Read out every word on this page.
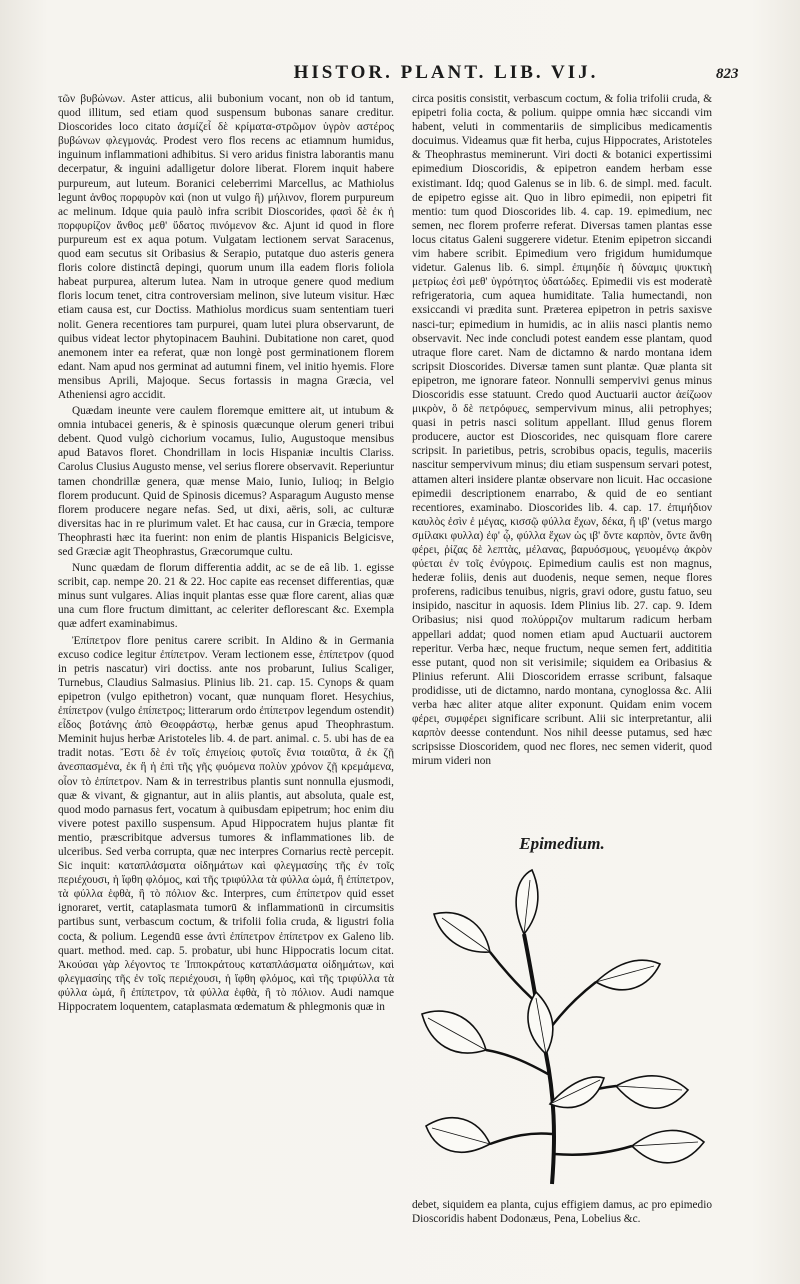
HISTOR. PLANT. LIB. VIJ.	823

τῶν βυβώνων. Aster atticus, alii bubonium vocant, non ob id tantum, quod illitum, sed etiam quod suspensum bubonas sanare creditur. Dioscorides loco citato ἀσμίζεἷ δὲ κρίματα-στρῶμον ὑγρὸν αστέρος βυβώνων φλεγμονάς. Prodest vero flos recens ac etiamnum humidus, inguinum inflammationi adhibitus. Si vero aridus finistra laborantis manu decerpatur, & inguini adalligetur dolore liberat. Florem inquit habere purpureum, aut luteum. Boranici celeberrimi Marcellus, ac Mathiolus legunt ἀνθος πορφυρὸν καὶ (non ut vulgo ἢ) μήλινον, florem purpureum ac melinum. Idque quia paulò infra scribit Dioscorides, φασὶ δὲ ἐκ ἡ πορφυρίζον ἄνθος μεθ' ὕδατος πινόμενον &c. Ajunt id quod in flore purpureum est ex aqua potum. Vulgatam lectionem servat Saracenus, quod eam secutus sit Oribasius & Serapio, putatque duo asteris genera floris colore distinctâ depingi, quorum unum illa eadem floris foliola habeat purpurea, alterum lutea. Nam in utroque genere quod medium floris locum tenet, citra controversiam melinon, sive luteum visitur. Hæc etiam causa est, cur Doctiss. Mathiolus mordicus suam sententiam tueri nolit. Genera recentiores tam purpurei, quam lutei plura observarunt, de quibus videat lector phytopinacem Bauhini. Dubitatione non caret, quod anemonem inter ea referat, quæ non longè post germinationem florem edant. Nam apud nos germinat ad autumni finem, vel initio hyemis. Flore mensibus Aprili, Majoque. Secus fortassis in magna Græcia, vel Atheniensi agro accidit.

Quædam ineunte vere caulem floremque emittere ait, ut intubum & omnia intubacei generis, & è spinosis quæcunque olerum generi tribui debent. Quod vulgò cichorium vocamus, Iulio, Augustoque mensibus apud Batavos floret. Chondrillam in locis Hispaniæ incultis Clariss. Carolus Clusius Augusto mense, vel serius florere observavit. Reperiuntur tamen chondrillæ genera, quæ mense Maio, Iunio, Iulioq; in Belgio florem producunt. Quid de Spinosis dicemus? Asparagum Augusto mense florem producere negare nefas. Sed, ut dixi, aëris, soli, ac culturæ diversitas hac in re plurimum valet. Et hac causa, cur in Græcia, tempore Theophrasti hæc ita fuerint: non enim de plantis Hispanicis Belgicisve, sed Græciæ agit Theophrastus, Græcorumque cultu.

Nunc quædam de florum differentia addit, ac se de eâ lib. 1. egisse scribit, cap. nempe 20. 21 & 22. Hoc capite eas recenset differentias, quæ minus sunt vulgares. Alias inquit plantas esse quæ flore carent, alias quæ una cum flore fructum dimittant, ac celeriter deflorescant &c. Exempla quæ adfert examinabimus.

Ἐπίπετρον flore penitus carere scribit. In Aldino & in Germania excuso codice legitur ἐπίπετρον. Veram lectionem esse, ἐπίπετρον (quod in petris nascatur) viri doctiss. ante nos probarunt, Iulius Scaliger, Turnebus, Claudius Salmasius. Plinius lib. 21. cap. 15. Cynops & quam epipetron (vulgo epithetron) vocant, quæ nunquam floret. Hesychius, ἐπίπετρον (vulgo ἐπίπετρος; litterarum ordo ἐπίπετρον legendum ostendit) εἶδος βοτάνης ἀπὸ Θεοφράστῳ, herbæ genus apud Theophrastum. Meminit hujus herbæ Aristoteles lib. 4. de part. animal. c. 5. ubi has de ea tradit notas. Ἔστι δὲ ἐν τοῖς ἐπιγείοις φυτοῖς ἔνια τοιαῦτα, ἃ ἐκ ζῇ ἀνεσπασμένα, ἐκ ἢ ἡ ἐπὶ τῆς γῆς φυόμενα πολὺν χρόνον ζῇ κρεμάμενα, οἷον τὸ ἐπίπετρον. Nam & in terrestribus plantis sunt nonnulla ejusmodi, quæ & vivant, & gignantur, aut in aliis plantis, aut absoluta, quale est, quod modo parnasus fert, vocatum à quibusdam epipetrum; hoc enim diu vivere potest paxillo suspensum. Apud Hippocratem hujus plantæ fit mentio, præscribitque adversus tumores & inflammationes lib. de ulceribus. Sed verba corrupta, quæ nec interpres Cornarius rectè percepit. Sic inquit: καταπλάσματα οἰδημάτων καὶ φλεγμασίης τῆς ἐν τοῖς περιέχουσι, ἡ ἴφθη φλόμος, καὶ τῆς τριφύλλα τὰ φύλλα ὠμά, ἢ ἐπίπετρον, τὰ φύλλα ἑφθὰ, ἢ τὸ πόλιον &c. Interpres, cum ἐπίπετρον quid esset ignoraret, vertit, cataplasmata tumorū & inflammationū in circumsitis partibus sunt, verbascum coctum, & trifolii folia cruda, & ligustri folia cocta, & polium. Legendū esse ἀντὶ ἐπίπετρον ἐπίπετρον ex Galeno lib. quart. method. med. cap. 5. probatur, ubi hunc Hippocratis locum citat. Ἀκούσαι γὰρ λέγοντος τε Ἱπποκράτους καταπλάσματα οἰδημάτων, καὶ φλεγμασίης τῆς ἐν τοῖς περιέχουσι, ἡ ἴφθη φλόμος, καὶ τῆς τριφύλλα τὰ φύλλα ὠμά, ἢ ἐπίπετρον, τὰ φύλλα ἑφθὰ, ἢ τὸ πόλιον. Audi namque Hippocratem loquentem, cataplasmata œdematum & phlegmonis quæ in

circa positis consistit, verbascum coctum, & folia trifolii cruda, & epipetri folia cocta, & polium. quippe omnia hæc siccandi vim habent, veluti in commentariis de simplicibus medicamentis docuimus. Videamus quæ fit herba, cujus Hippocrates, Aristoteles & Theophrastus meminerunt. Viri docti & botanici expertissimi epimedium Dioscoridis, & epipetron eandem herbam esse existimant. Idq; quod Galenus se in lib. 6. de simpl. med. facult. de epipetro egisse ait. Quo in libro epimedii, non epipetri fit mentio: tum quod Dioscorides lib. 4. cap. 19. epimedium, nec semen, nec florem proferre referat. Diversas tamen plantas esse locus citatus Galeni suggerere videtur. Etenim epipetron siccandi vim habere scribit. Epimedium vero frigidum humidumque videtur. Galenus lib. 6. simpl. ἐπιμηδίε ἡ δύναμις ψυκτικὴ μετρίως ἐσὶ μεθ' ὑγρότητος ὑδατώδες. Epimedii vis est moderatè refrigeratoria, cum aquea humiditate. Talia humectandi, non exsiccandi vi prædita sunt. Præterea epipetron in petris saxisve nasci-tur; epimedium in humidis, ac in aliis nasci plantis nemo observavit. Nec inde concludi potest eandem esse plantam, quod utraque flore caret. Nam de dictamno & nardo montana idem scripsit Dioscorides. Diversæ tamen sunt plantæ. Quæ planta sit epipetron, me ignorare fateor. Nonnulli sempervivi genus minus Dioscoridis esse statuunt. Credo quod Auctuarii auctor ἀείζωον μικρὸν, ὃ δὲ πετρόφυες, sempervivum minus, alii petrophyes; quasi in petris nasci solitum appellant. Illud genus florem producere, auctor est Dioscorides, nec quisquam flore carere scripsit. In parietibus, petris, scrobibus opacis, tegulis, maceriis nascitur sempervivum minus; diu etiam suspensum servari potest, attamen alteri insidere plantæ observare non licuit. Hac occasione epimedii descriptionem enarrabo, & quid de eo sentiant recentiores, examinabo. Dioscorides lib. 4. cap. 17. ἐπιμήδιον καυλὸς ἐσὶν ἐ μέγας, κισσῷ φύλλα ἔχων, δέκα, ἢ ιβ' (vetus margo σμίλακι φυλλα) ἐφ' ᾧ, φύλλα ἔχων ὡς ιβ' ὅντε καρπὸν, ὅντε ἄνθη φέρει, ῥίζας δὲ λεπτὰς, μέλανας, βαρυόσμους, γευομένῳ ἀκρὸν φύεται ἐν τοῖς ἐνύγροις. Epimedium caulis est non magnus, hederæ foliis, denis aut duodenis, neque semen, neque flores proferens, radicibus tenuibus, nigris, gravi odore, gustu fatuo, seu insipido, nascitur in aquosis. Idem Plinius lib. 27. cap. 9. Idem Oribasius; nisi quod πολύρριζον multarum radicum herbam appellari addat; quod nomen etiam apud Auctuarii auctorem reperitur. Verba hæc, neque fructum, neque semen fert, addititia esse putant, quod non sit verisimile; siquidem ea Oribasius & Plinius referunt. Alii Dioscoridem errasse scribunt, falsaque prodidisse, uti de dictamno, nardo montana, cynoglossa &c. Alii verba hæc aliter atque aliter exponunt. Quidam enim vocem φέρει, συμφέρει significare scribunt. Alii sic interpretantur, alii καρπὸν deesse contendunt. Nos nihil deesse putamus, sed hæc scripsisse Dioscoridem, quod nec flores, nec semen viderit, quod mirum videri non

Epimedium.
debet, siquidem ea planta, cujus effigiem damus, ac pro epimedio Dioscoridis habent Dodonæus, Pena, Lobelius &c.
